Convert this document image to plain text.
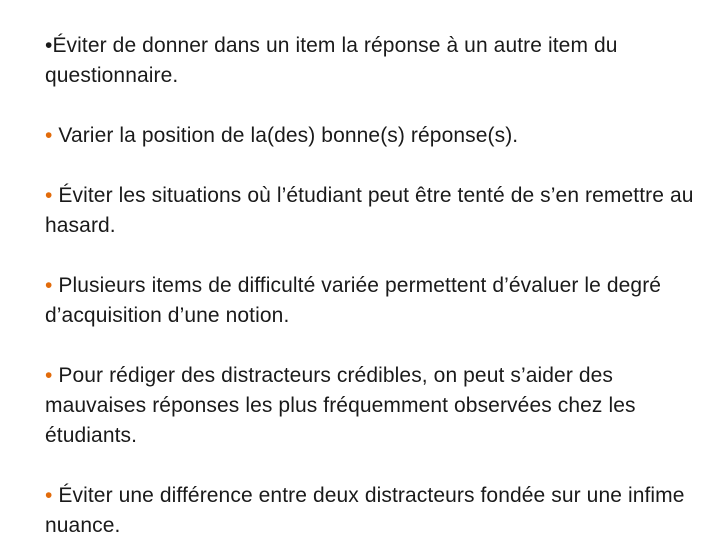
•Éviter de donner dans un item la réponse à un autre item du questionnaire.
• Varier la position de la(des) bonne(s) réponse(s).
• Éviter les situations où l’étudiant peut être tenté de s’en remettre au hasard.
• Plusieurs items de difficulté variée permettent d’évaluer le degré d’acquisition d’une notion.
• Pour rédiger des distracteurs crédibles, on peut s’aider des mauvaises réponses les plus fréquemment observées chez les étudiants.
• Éviter une différence entre deux distracteurs fondée sur une infime nuance.
